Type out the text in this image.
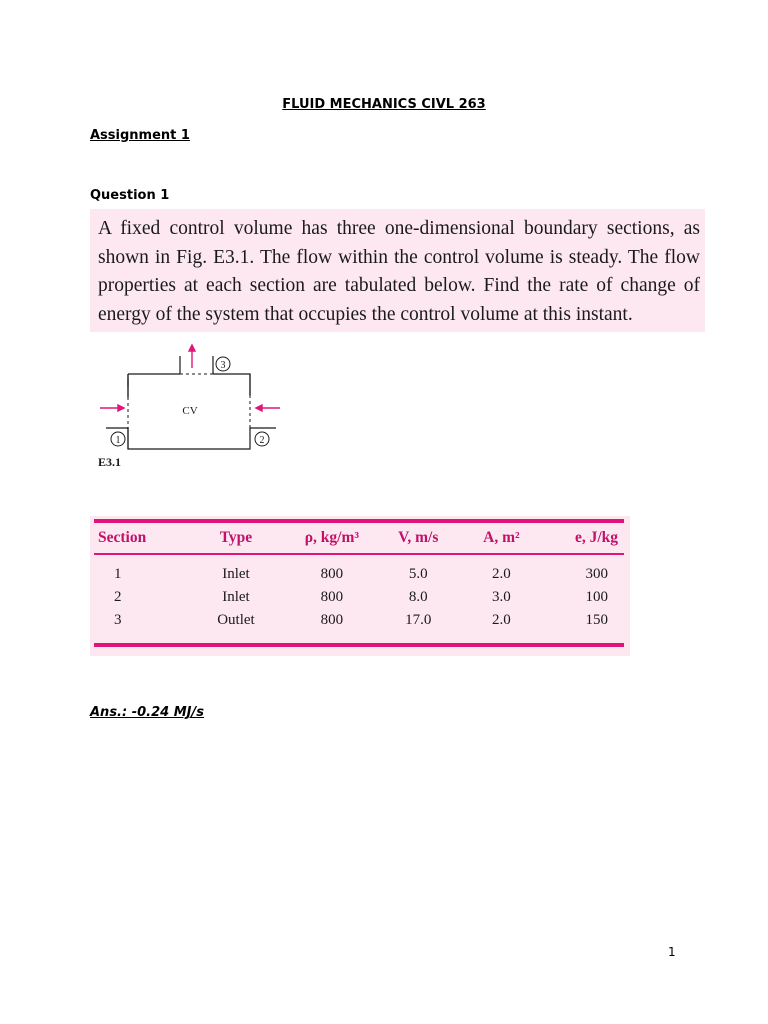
FLUID MECHANICS CIVL 263
Assignment 1
Question 1
A fixed control volume has three one-dimensional boundary sections, as shown in Fig. E3.1. The flow within the control volume is steady. The flow properties at each section are tabulated below. Find the rate of change of energy of the system that occupies the control volume at this instant.
3
1	2
CV
E3.1
Section	Type	ρ, kg/m³	V, m/s	A, m²	e, J/kg
1	Inlet	800	5.0	2.0	300
2	Inlet	800	8.0	3.0	100
3	Outlet	800	17.0	2.0	150
Ans.: -0.24 MJ/s
1
